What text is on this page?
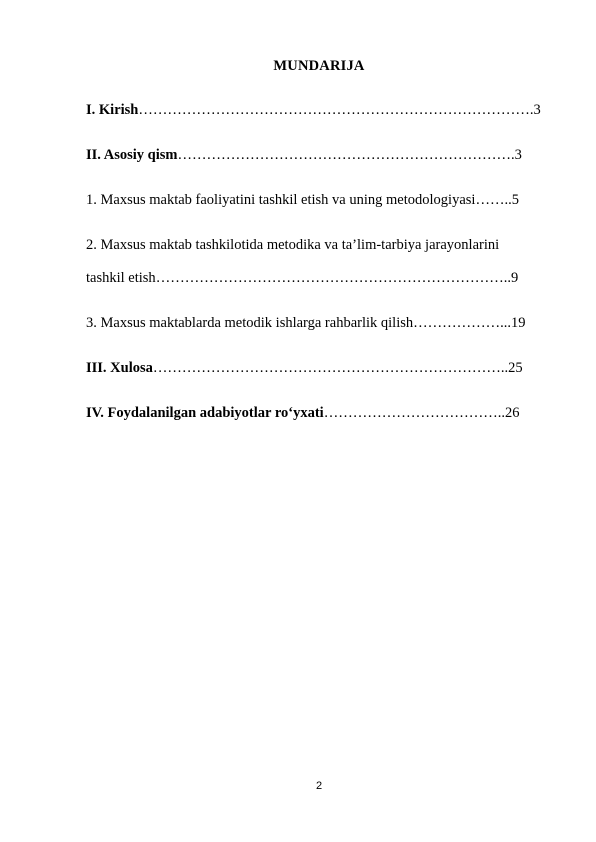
MUNDARIJA
I. Kirish……………………………………………………………………….3
II. Asosiy qism…………………………………………………………….3
1. Maxsus maktab faoliyatini tashkil etish va uning metodologiyasi……..5
2. Maxsus maktab tashkilotida metodika va ta’lim-tarbiya jarayonlarini
tashkil etish………………………………………………………………..9
3. Maxsus maktablarda metodik ishlarga rahbarlik qilish………………...19
III. Xulosa………………………………………………………………..25
IV. Foydalanilgan adabiyotlar ro‘yxati………………………………..26
2
